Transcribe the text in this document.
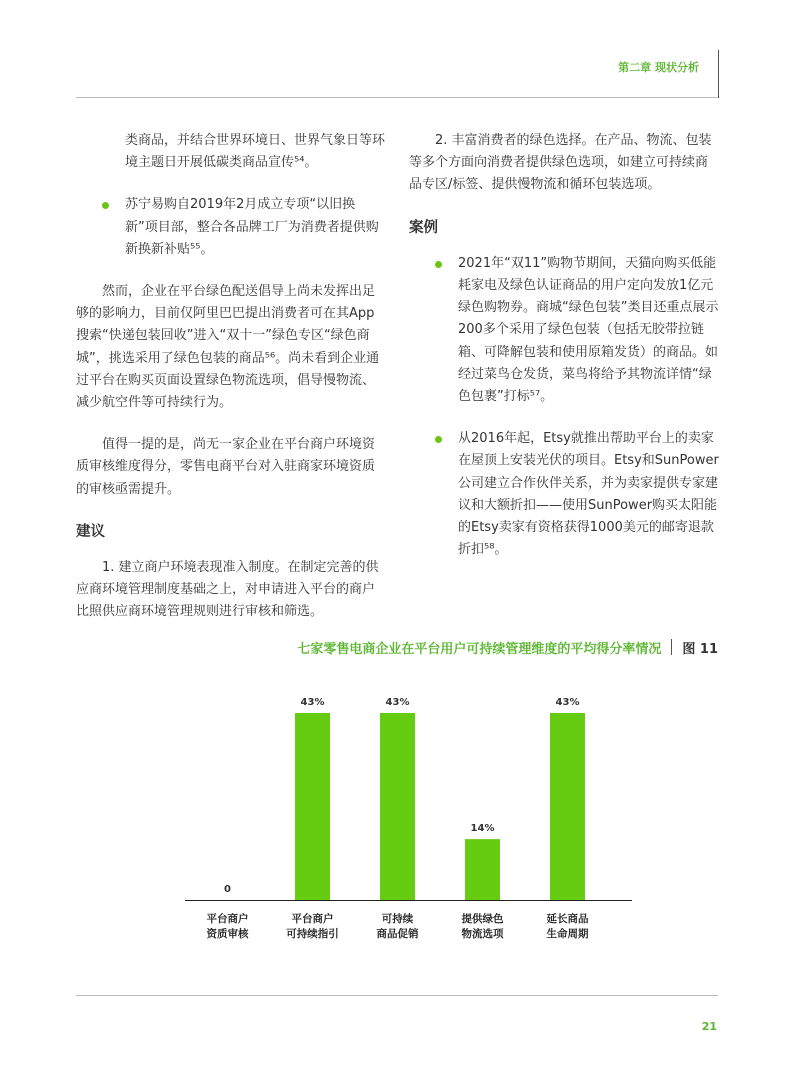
第二章 现状分析
类商品，并结合世界环境日、世界气象日等环境主题日开展低碳类商品宣传⁵⁴。
苏宁易购自2019年2月成立专项“以旧换新”项目部，整合各品牌工厂为消费者提供购新换新补贴⁵⁵。

然而，企业在平台绿色配送倡导上尚未发挥出足够的影响力，目前仅阿里巴巴提出消费者可在其App搜索“快递包装回收”进入“双十一”绿色专区“绿色商城”，挑选采用了绿色包装的商品⁵⁶。尚未看到企业通过平台在购买页面设置绿色物流选项，倡导慢物流、减少航空件等可持续行为。

值得一提的是，尚无一家企业在平台商户环境资质审核维度得分，零售电商平台对入驻商家环境资质的审核亟需提升。

建议

1. 建立商户环境表现准入制度。在制定完善的供应商环境管理制度基础之上，对申请进入平台的商户比照供应商环境管理规则进行审核和筛选。

2. 丰富消费者的绿色选择。在产品、物流、包装等多个方面向消费者提供绿色选项，如建立可持续商品专区/标签、提供慢物流和循环包装选项。

案例
2021年“双11”购物节期间，天猫向购买低能耗家电及绿色认证商品的用户定向发放1亿元绿色购物券。商城“绿色包装”类目还重点展示200多个采用了绿色包装（包括无胶带拉链箱、可降解包装和使用原箱发货）的商品。如经过菜鸟仓发货，菜鸟将给予其物流详情“绿色包裹”打标⁵⁷。
从2016年起，Etsy就推出帮助平台上的卖家在屋顶上安装光伏的项目。Etsy和SunPower公司建立合作伙伴关系，并为卖家提供专家建议和大额折扣——使用SunPower购买太阳能的Etsy卖家有资格获得1000美元的邮寄退款折扣⁵⁸。
七家零售电商企业在平台用户可持续管理维度的平均得分率情况 图 11
0
平台商户
资质审核
43%
平台商户
可持续指引
43%
可持续
商品促销
14%
提供绿色
物流选项
43%
延长商品
生命周期
21
